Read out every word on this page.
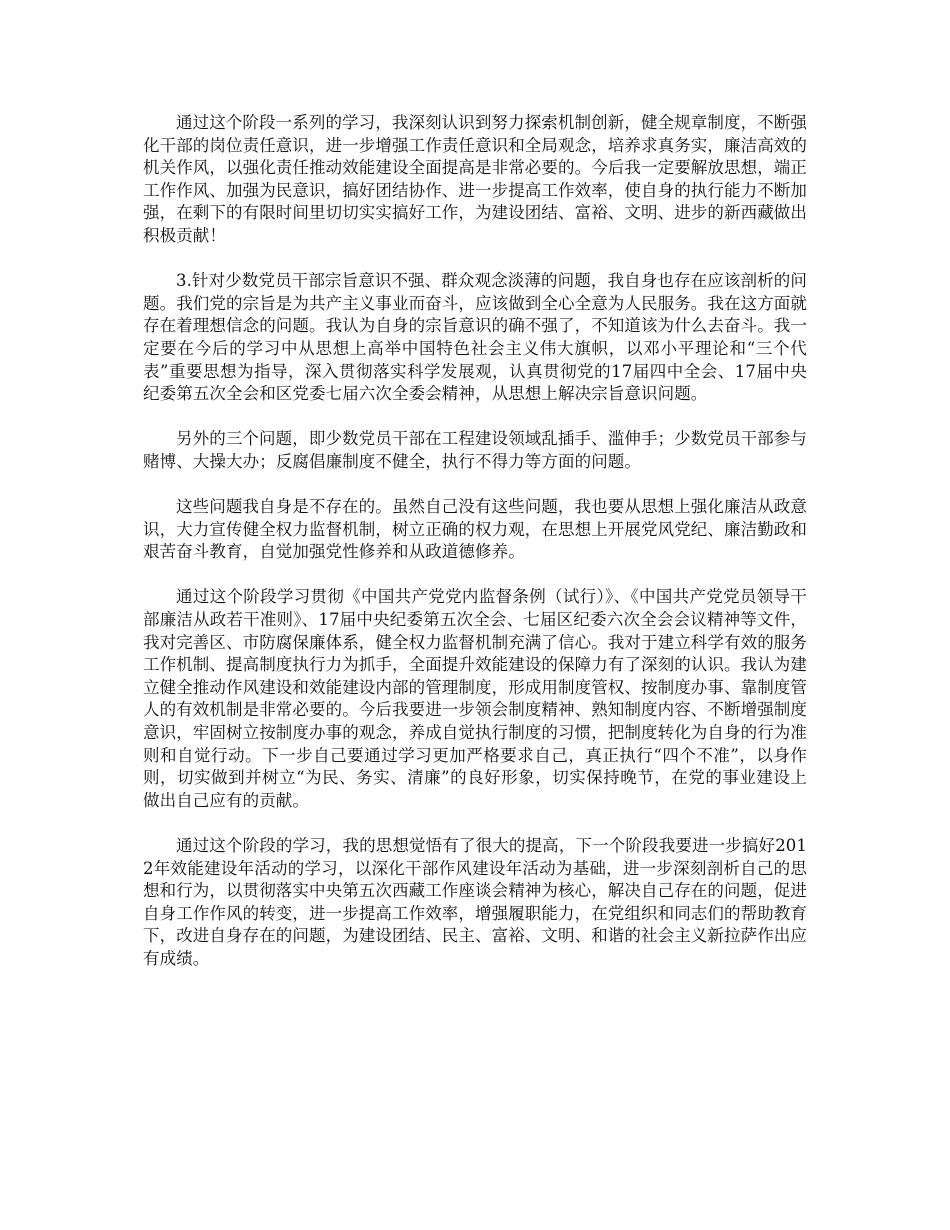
通过这个阶段一系列的学习，我深刻认识到努力探索机制创新，健全规章制度，不断强化干部的岗位责任意识，进一步增强工作责任意识和全局观念，培养求真务实，廉洁高效的机关作风，以强化责任推动效能建设全面提高是非常必要的。今后我一定要解放思想，端正工作作风、加强为民意识，搞好团结协作、进一步提高工作效率，使自身的执行能力不断加强，在剩下的有限时间里切切实实搞好工作，为建设团结、富裕、文明、进步的新西藏做出积极贡献！

3.针对少数党员干部宗旨意识不强、群众观念淡薄的问题，我自身也存在应该剖析的问题。我们党的宗旨是为共产主义事业而奋斗，应该做到全心全意为人民服务。我在这方面就存在着理想信念的问题。我认为自身的宗旨意识的确不强了，不知道该为什么去奋斗。我一定要在今后的学习中从思想上高举中国特色社会主义伟大旗帜，以邓小平理论和“三个代表”重要思想为指导，深入贯彻落实科学发展观，认真贯彻党的17届四中全会、17届中央纪委第五次全会和区党委七届六次全委会精神，从思想上解决宗旨意识问题。

另外的三个问题，即少数党员干部在工程建设领域乱插手、滥伸手；少数党员干部参与赌博、大操大办；反腐倡廉制度不健全，执行不得力等方面的问题。

这些问题我自身是不存在的。虽然自己没有这些问题，我也要从思想上强化廉洁从政意识，大力宣传健全权力监督机制，树立正确的权力观，在思想上开展党风党纪、廉洁勤政和艰苦奋斗教育，自觉加强党性修养和从政道德修养。

通过这个阶段学习贯彻《中国共产党党内监督条例（试行）》、《中国共产党党员领导干部廉洁从政若干准则》、17届中央纪委第五次全会、七届区纪委六次全会会议精神等文件，我对完善区、市防腐保廉体系，健全权力监督机制充满了信心。我对于建立科学有效的服务工作机制、提高制度执行力为抓手，全面提升效能建设的保障力有了深刻的认识。我认为建立健全推动作风建设和效能建设内部的管理制度，形成用制度管权、按制度办事、靠制度管人的有效机制是非常必要的。今后我要进一步领会制度精神、熟知制度内容、不断增强制度意识，牢固树立按制度办事的观念，养成自觉执行制度的习惯，把制度转化为自身的行为准则和自觉行动。下一步自己要通过学习更加严格要求自己，真正执行“四个不准”，以身作则，切实做到并树立“为民、务实、清廉”的良好形象，切实保持晚节，在党的事业建设上做出自己应有的贡献。

通过这个阶段的学习，我的思想觉悟有了很大的提高，下一个阶段我要进一步搞好2012年效能建设年活动的学习，以深化干部作风建设年活动为基础，进一步深刻剖析自己的思想和行为，以贯彻落实中央第五次西藏工作座谈会精神为核心，解决自己存在的问题，促进自身工作作风的转变，进一步提高工作效率，增强履职能力，在党组织和同志们的帮助教育下，改进自身存在的问题，为建设团结、民主、富裕、文明、和谐的社会主义新拉萨作出应有成绩。
